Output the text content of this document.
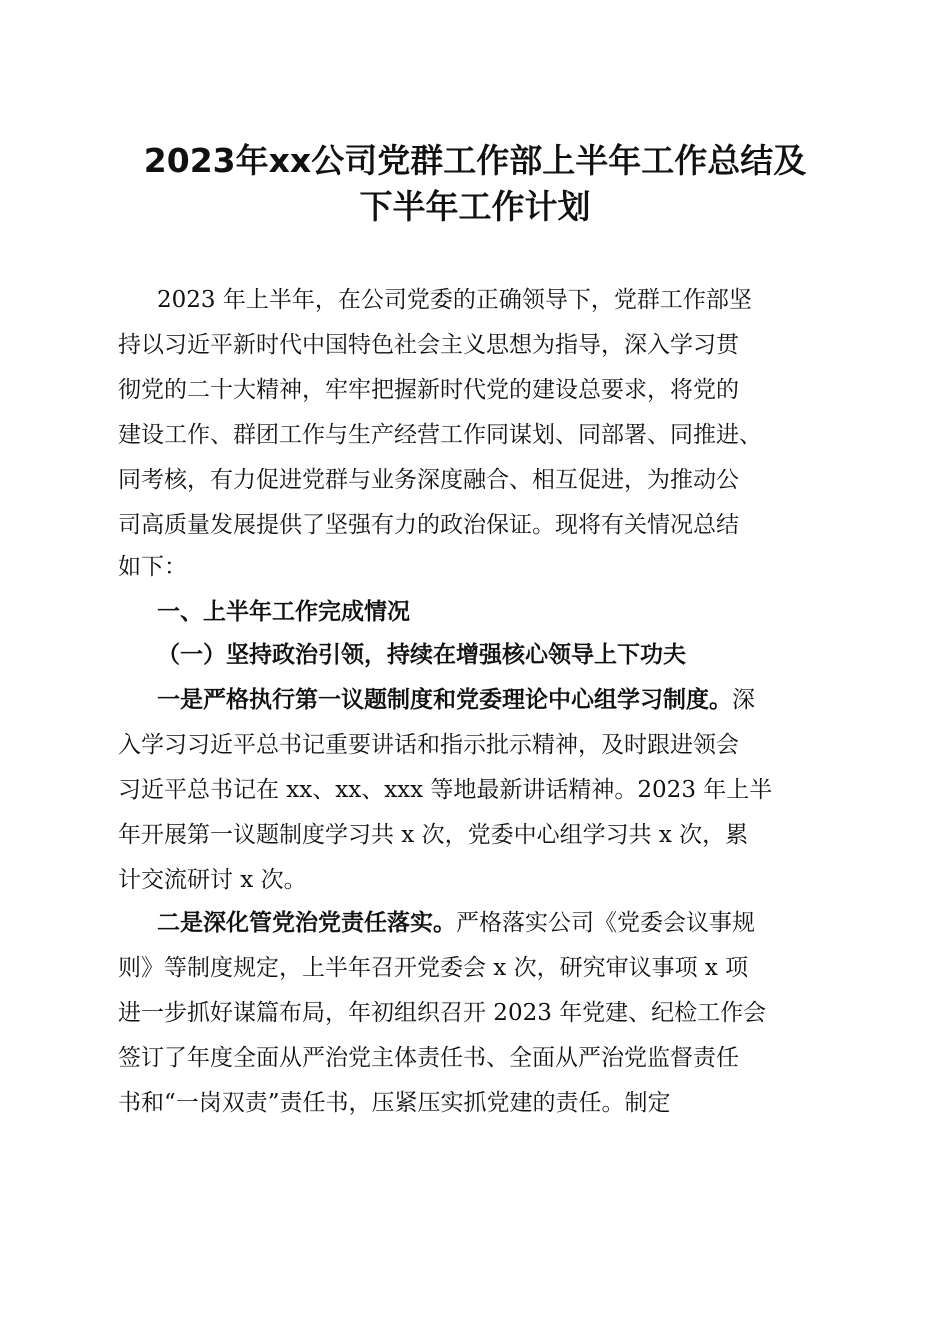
2023年xx公司党群工作部上半年工作总结及
下半年工作计划

2023 年上半年，在公司党委的正确领导下，党群工作部坚

持以习近平新时代中国特色社会主义思想为指导，深入学习贯

彻党的二十大精神，牢牢把握新时代党的建设总要求，将党的

建设工作、群团工作与生产经营工作同谋划、同部署、同推进、

同考核，有力促进党群与业务深度融合、相互促进，为推动公

司高质量发展提供了坚强有力的政治保证。现将有关情况总结

如下：

一、上半年工作完成情况
（一）坚持政治引领，持续在增强核心领导上下功夫

一是严格执行第一议题制度和党委理论中心组学习制度。深

入学习习近平总书记重要讲话和指示批示精神，及时跟进领会

习近平总书记在 xx、xx、xxx 等地最新讲话精神。2023 年上半

年开展第一议题制度学习共 x 次，党委中心组学习共 x 次，累

计交流研讨 x 次。

二是深化管党治党责任落实。严格落实公司《党委会议事规

则》等制度规定，上半年召开党委会 x 次，研究审议事项 x 项

进一步抓好谋篇布局，年初组织召开 2023 年党建、纪检工作会

签订了年度全面从严治党主体责任书、全面从严治党监督责任

书和“一岗双责”责任书，压紧压实抓党建的责任。制定
